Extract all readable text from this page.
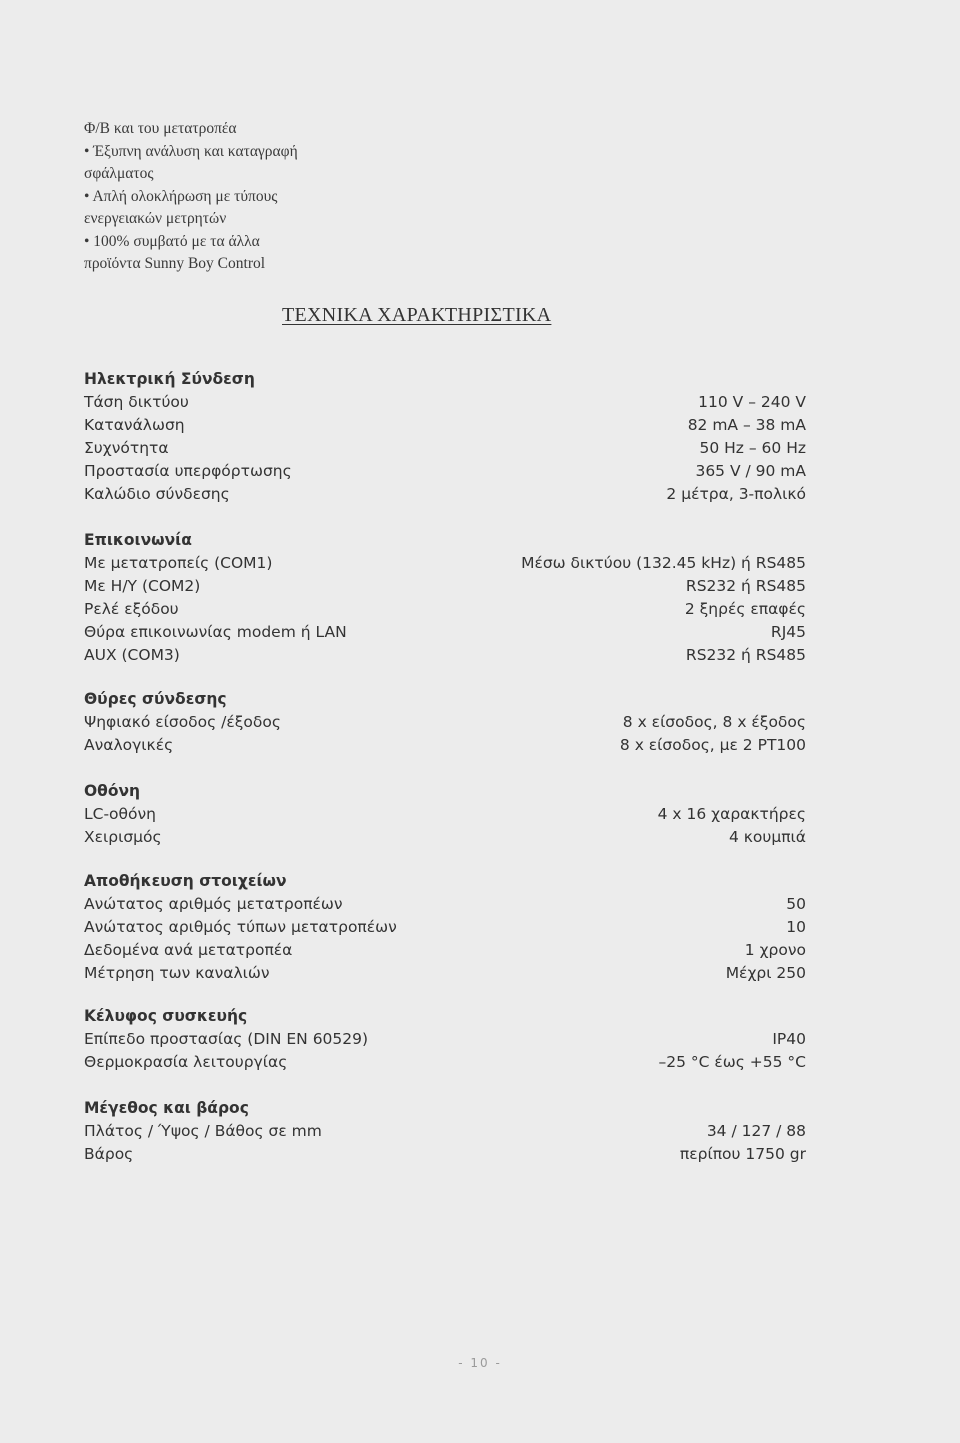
Φ/Β και του μετατροπέα
• Έξυπνη ανάλυση και καταγραφή
σφάλματος
• Απλή ολοκλήρωση με τύπους
ενεργειακών μετρητών
• 100% συμβατό με τα άλλα
προϊόντα Sunny Boy Control
ΤΕΧΝΙΚΑ ΧΑΡΑΚΤΗΡΙΣΤΙΚΑ
Ηλεκτρική Σύνδεση
Τάση δικτύου	110 V – 240 V
Κατανάλωση	82 mA – 38 mA
Συχνότητα	50 Hz – 60 Hz
Προστασία υπερφόρτωσης	365 V / 90 mA
Καλώδιο σύνδεσης	2 μέτρα, 3-πολικό
Επικοινωνία
Με μετατροπείς (COM1)	Μέσω δικτύου (132.45 kHz) ή RS485
Με Η/Υ (COM2)	RS232 ή RS485
Ρελέ εξόδου	2 ξηρές επαφές
Θύρα επικοινωνίας modem ή LAN	RJ45
AUX (COM3)	RS232 ή RS485
Θύρες σύνδεσης
Ψηφιακό είσοδος /έξοδος	8 x είσοδος, 8 x έξοδος
Αναλογικές	8 x είσοδος, με 2 PT100
Οθόνη
LC-οθόνη	4 x 16 χαρακτήρες
Χειρισμός	4 κουμπιά
Αποθήκευση στοιχείων
Ανώτατος αριθμός μετατροπέων	50
Ανώτατος αριθμός τύπων μετατροπέων	10
Δεδομένα ανά μετατροπέα	1 χρονο
Μέτρηση των καναλιών	Μέχρι 250
Κέλυφος συσκευής
Επίπεδο προστασίας (DIN EN 60529)	IP40
Θερμοκρασία λειτουργίας	–25 °C έως +55 °C
Μέγεθος και βάρος
Πλάτος / Ύψος / Βάθος σε mm	34 / 127 / 88
Βάρος	περίπου 1750 gr
- 10 -
